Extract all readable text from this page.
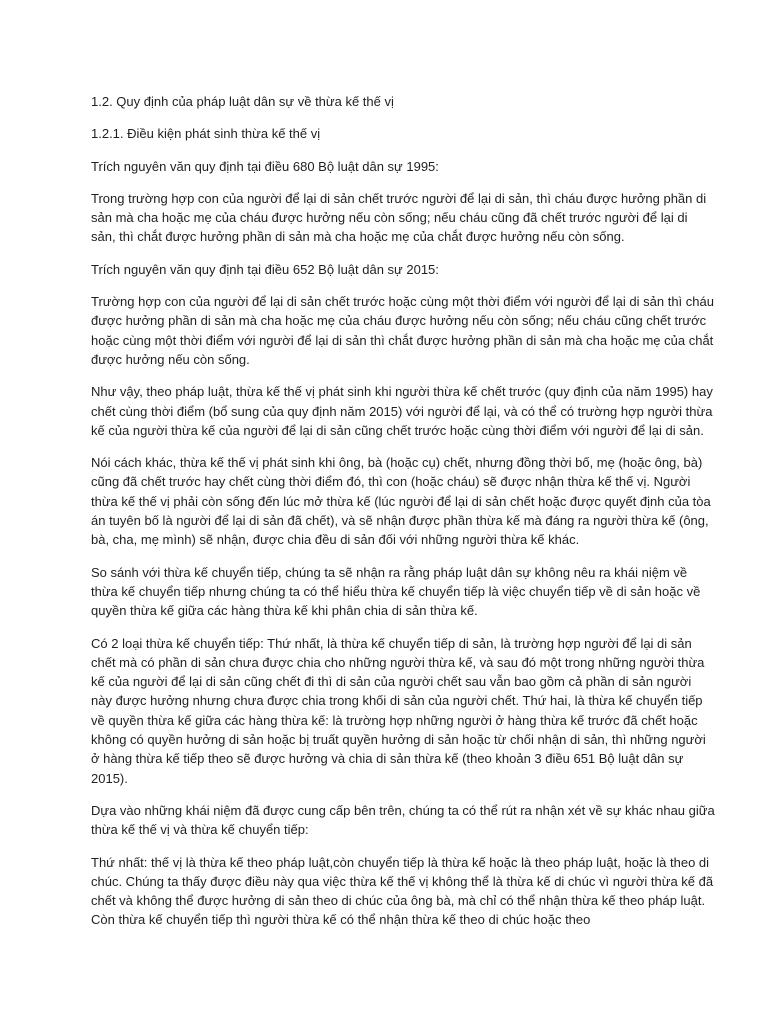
1.2. Quy định của pháp luật dân sự về thừa kế thế vị

1.2.1. Điều kiện phát sinh thừa kế thế vị

Trích nguyên văn quy định tại điều 680 Bộ luật dân sự 1995:

Trong trường hợp con của người để lại di sản chết trước người để lại di sản, thì cháu được hưởng phần di sản mà cha hoặc mẹ của cháu được hưởng nếu còn sống; nếu cháu cũng đã chết trước người để lại di sản, thì chắt được hưởng phần di sản mà cha hoặc mẹ của chắt được hưởng nếu còn sống.

Trích nguyên văn quy định tại điều 652 Bộ luật dân sự 2015:

Trường hợp con của người để lại di sản chết trước hoặc cùng một thời điểm với người để lại di sản thì cháu được hưởng phần di sản mà cha hoặc mẹ của cháu được hưởng nếu còn sống; nếu cháu cũng chết trước hoặc cùng một thời điểm với người để lại di sản thì chắt được hưởng phần di sản mà cha hoặc mẹ của chắt được hưởng nếu còn sống.

Như vậy, theo pháp luật, thừa kế thế vị phát sinh khi người thừa kế chết trước (quy định của năm 1995) hay chết cùng thời điểm (bổ sung của quy định năm 2015) với người để lại, và có thể có trường hợp người thừa kế của người thừa kế của người để lại di sản cũng chết trước hoặc cùng thời điểm với người để lại di sản.

Nói cách khác, thừa kế thế vị phát sinh khi ông, bà (hoặc cụ) chết, nhưng đồng thời bố, mẹ (hoặc ông, bà) cũng đã chết trước hay chết cùng thời điểm đó, thì con (hoặc cháu) sẽ được nhận thừa kế thế vị. Người thừa kế thế vị phải còn sống đến lúc mở thừa kế (lúc người để lại di sản chết hoặc được quyết định của tòa án tuyên bố là người để lại di sản đã chết), và sẽ nhận được phần thừa kế mà đáng ra người thừa kế (ông, bà, cha, mẹ mình) sẽ nhận, được chia đều di sản đối với những người thừa kế khác.

So sánh với thừa kế chuyển tiếp, chúng ta sẽ nhận ra rằng pháp luật dân sự không nêu ra khái niệm về thừa kế chuyển tiếp nhưng chúng ta có thể hiểu thừa kế chuyển tiếp là việc chuyển tiếp về di sản hoặc về quyền thừa kế giữa các hàng thừa kế khi phân chia di sản thừa kế.

Có 2 loại thừa kế chuyển tiếp: Thứ nhất, là thừa kế chuyển tiếp di sản, là trường hợp người để lại di sản chết mà có phần di sản chưa được chia cho những người thừa kế, và sau đó một trong những người thừa kế của người để lại di sản cũng chết đi thì di sản của người chết sau vẫn bao gồm cả phần di sản người này được hưởng nhưng chưa được chia trong khối di sản của người chết. Thứ hai, là thừa kế chuyển tiếp về quyền thừa kế giữa các hàng thừa kế: là trường hợp những người ở hàng thừa kế trước đã chết hoặc không có quyền hưởng di sản hoặc bị truất quyền hưởng di sản hoặc từ chối nhận di sản, thì những người ở hàng thừa kế tiếp theo sẽ được hưởng và chia di sản thừa kế (theo khoản 3 điều 651 Bộ luật dân sự 2015).

Dựa vào những khái niệm đã được cung cấp bên trên, chúng ta có thể rút ra nhận xét về sự khác nhau giữa thừa kế thế vị và thừa kế chuyển tiếp:

Thứ nhất: thế vị là thừa kế theo pháp luật,còn chuyển tiếp là thừa kế hoặc là theo pháp luật, hoặc là theo di chúc. Chúng ta thấy được điều này qua việc thừa kế thế vị không thể là thừa kế di chúc vì người thừa kế đã chết và không thể được hưởng di sản theo di chúc của ông bà, mà chỉ có thể nhận thừa kế theo pháp luật. Còn thừa kế chuyển tiếp thì người thừa kế có thể nhận thừa kế theo di chúc hoặc theo
